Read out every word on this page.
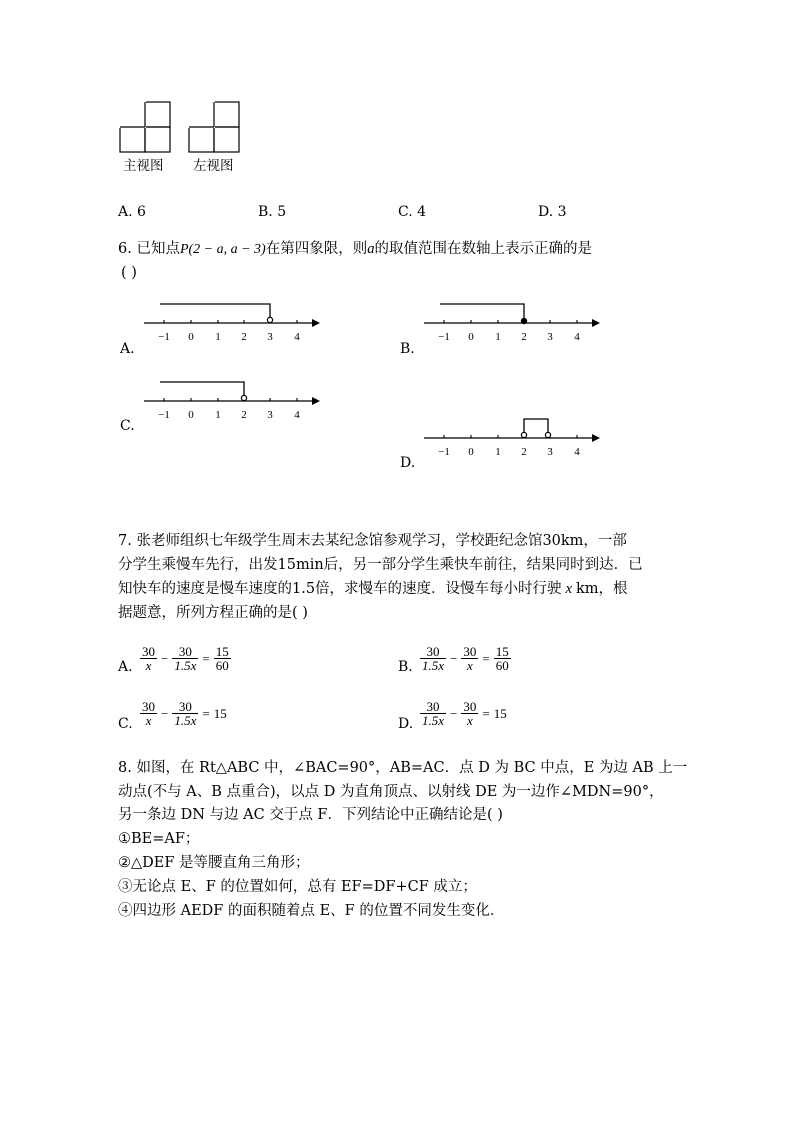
主视图 左视图
A. 6	B. 5	C. 4	D. 3
6. 已知点P(2 − a, a − 3)在第四象限，则a的取值范围在数轴上表示正确的是
( )
−1 0 1 2 3 4
A.
−1 0 1 2 3 4
B.
−1 0 1 2 3 4
C.
−1 0 1 2 3 4
D.
7. 张老师组织七年级学生周末去某纪念馆参观学习，学校距纪念馆30km，一部
分学生乘慢车先行，出发15min后，另一部分学生乘快车前往，结果同时到达．已
知快车的速度是慢车速度的1.5倍，求慢车的速度．设慢车每小时行驶 x km，根
据题意，所列方程正确的是( )
A. $\frac{30}{x} - \frac{30}{1.5x} = \frac{15}{60}$	B. $\frac{30}{1.5x} - \frac{30}{x} = \frac{15}{60}$
C. $\frac{30}{x} - \frac{30}{1.5x} = 15$
D. $\frac{30}{1.5x} - \frac{30}{x} = 15$
8. 如图，在 Rt△ABC 中，∠BAC=90°，AB=AC．点 D 为 BC 中点，E 为边 AB 上一
动点(不与 A、B 点重合)，以点 D 为直角顶点、以射线 DE 为一边作∠MDN=90°，
另一条边 DN 与边 AC 交于点 F．下列结论中正确结论是( )
①BE=AF；
②△DEF 是等腰直角三角形；
③无论点 E、F 的位置如何，总有 EF=DF+CF 成立；
④四边形 AEDF 的面积随着点 E、F 的位置不同发生变化．
